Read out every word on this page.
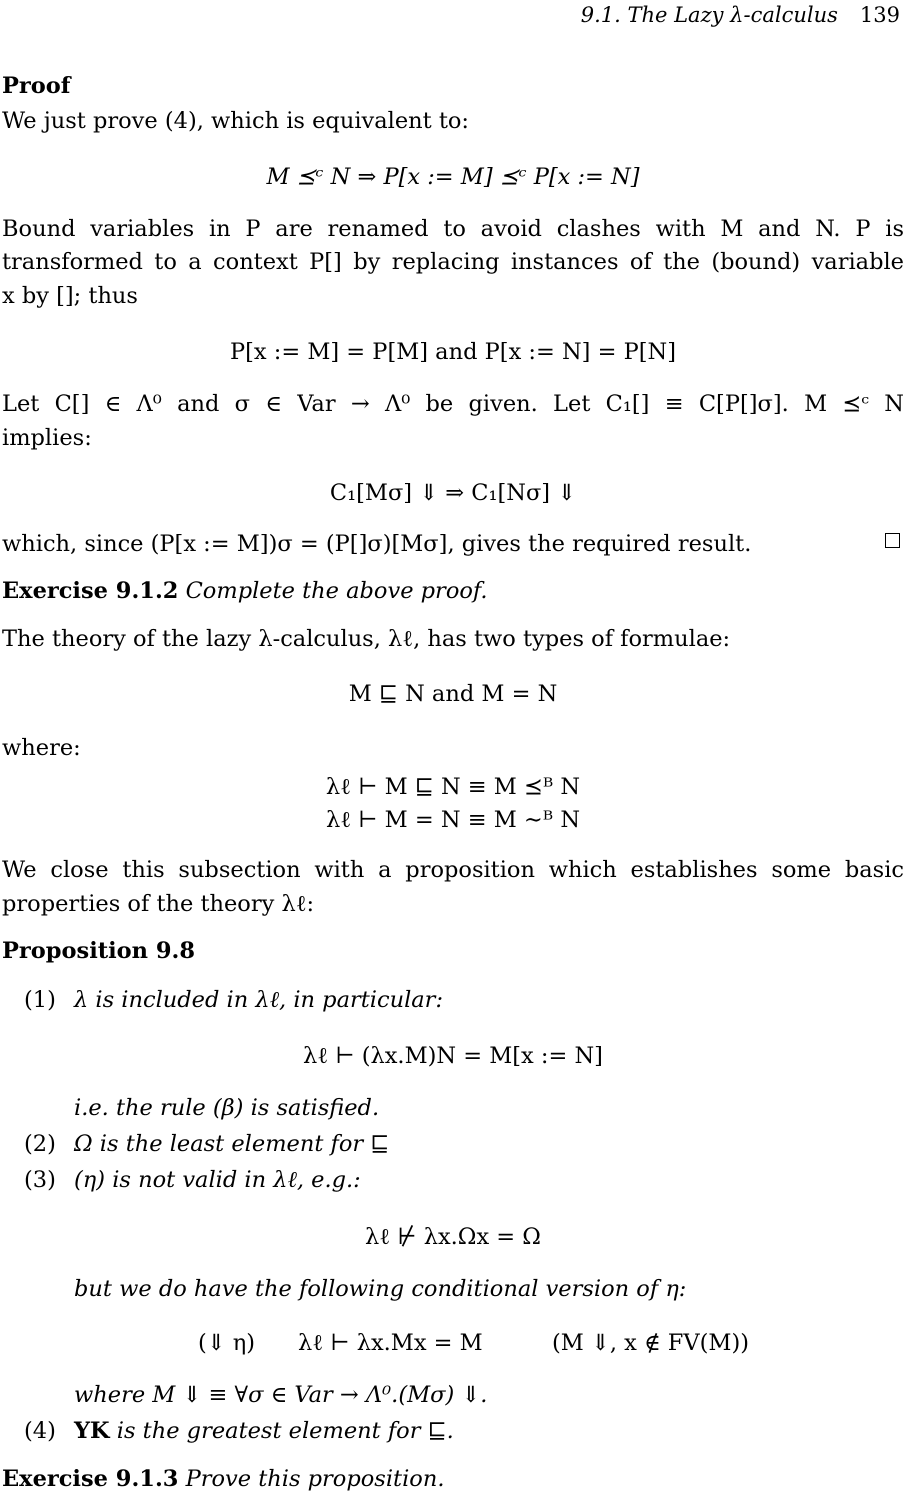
9.1. The Lazy λ-calculus 139
Proof
We just prove (4), which is equivalent to:
M ⪯ᶜ N ⇒ P[x := M] ⪯ᶜ P[x := N]
Bound variables in P are renamed to avoid clashes with M and N. P is
transformed to a context P[] by replacing instances of the (bound) variable
x by []; thus
P[x := M] = P[M] and P[x := N] = P[N]
Let C[] ∈ Λ⁰ and σ ∈ Var → Λ⁰ be given. Let C₁[] ≡ C[P[]σ]. M ⪯ᶜ N
implies:
C₁[Mσ] ⇓ ⇒ C₁[Nσ] ⇓
which, since (P[x := M])σ = (P[]σ)[Mσ], gives the required result.
Exercise 9.1.2 Complete the above proof.
The theory of the lazy λ-calculus, λℓ, has two types of formulae:
M ⊑ N and M = N
where:
λℓ ⊢ M ⊑ N ≡ M ⪯ᴮ N
λℓ ⊢ M = N ≡ M ∼ᴮ N
We close this subsection with a proposition which establishes some basic
properties of the theory λℓ:
Proposition 9.8
(1) λ is included in λℓ, in particular:
λℓ ⊢ (λx.M)N = M[x := N]
i.e. the rule (β) is satisfied.
(2) Ω is the least element for ⊑
(3) (η) is not valid in λℓ, e.g.:
λℓ ⊬ λx.Ωx = Ω
but we do have the following conditional version of η:
(⇓ η) λℓ ⊢ λx.Mx = M	(M ⇓, x ∉ FV(M))
where M ⇓ ≡ ∀σ ∈ Var → Λ⁰.(Mσ) ⇓.
(4) YK is the greatest element for ⊑.
Exercise 9.1.3 Prove this proposition.
